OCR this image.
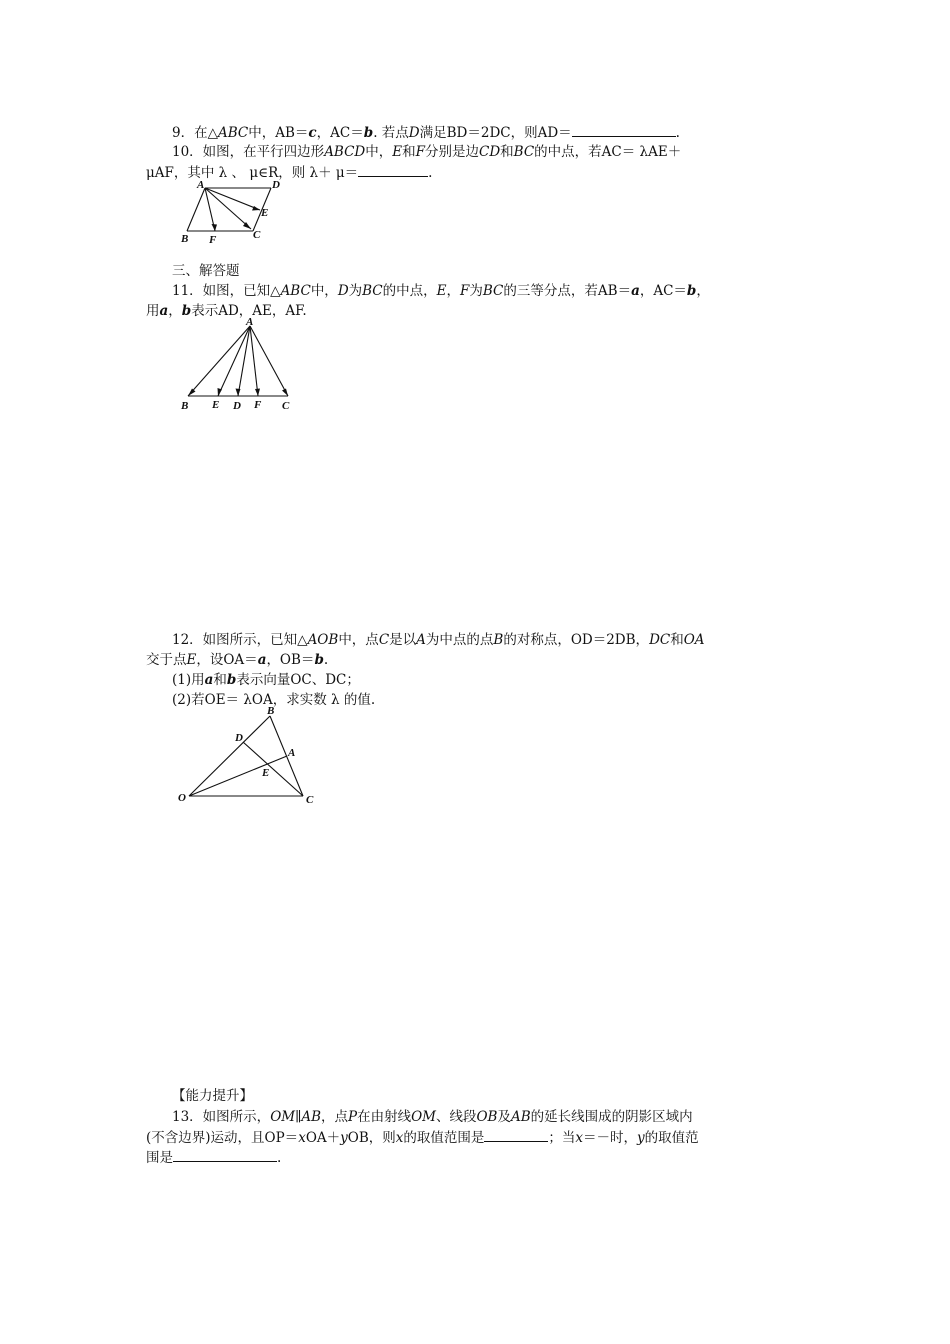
9．在△ABC中，AB＝c，AC＝b. 若点D满足BD＝2DC，则AD＝	.
10．如图，在平行四边形ABCD中，E和F分别是边CD和BC的中点，若AC＝ λAE＋
μAF，其中 λ 、 μ∈R，则 λ＋ μ＝	.
A	D
E
B F	C
三、解答题
11．如图，已知△ABC中，D为BC的中点，E，F为BC的三等分点，若AB＝a，AC＝b，
用a，b表示AD，AE，AF.
A
B E D F C
12．如图所示，已知△AOB中，点C是以A为中点的点B的对称点，OD＝2DB，DC和OA
交于点E，设OA＝a，OB＝b.
(1)用a和b表示向量OC、DC；
(2)若OE＝ λOA，求实数 λ 的值.
B
D
A
E
O	C
【能力提升】
13．如图所示，OM∥AB，点P在由射线OM、线段OB及AB的延长线围成的阴影区域内
(不含边界)运动，且OP＝xOA＋yOB，则x的取值范围是	；当x＝－时，y的取值范
围是	.
